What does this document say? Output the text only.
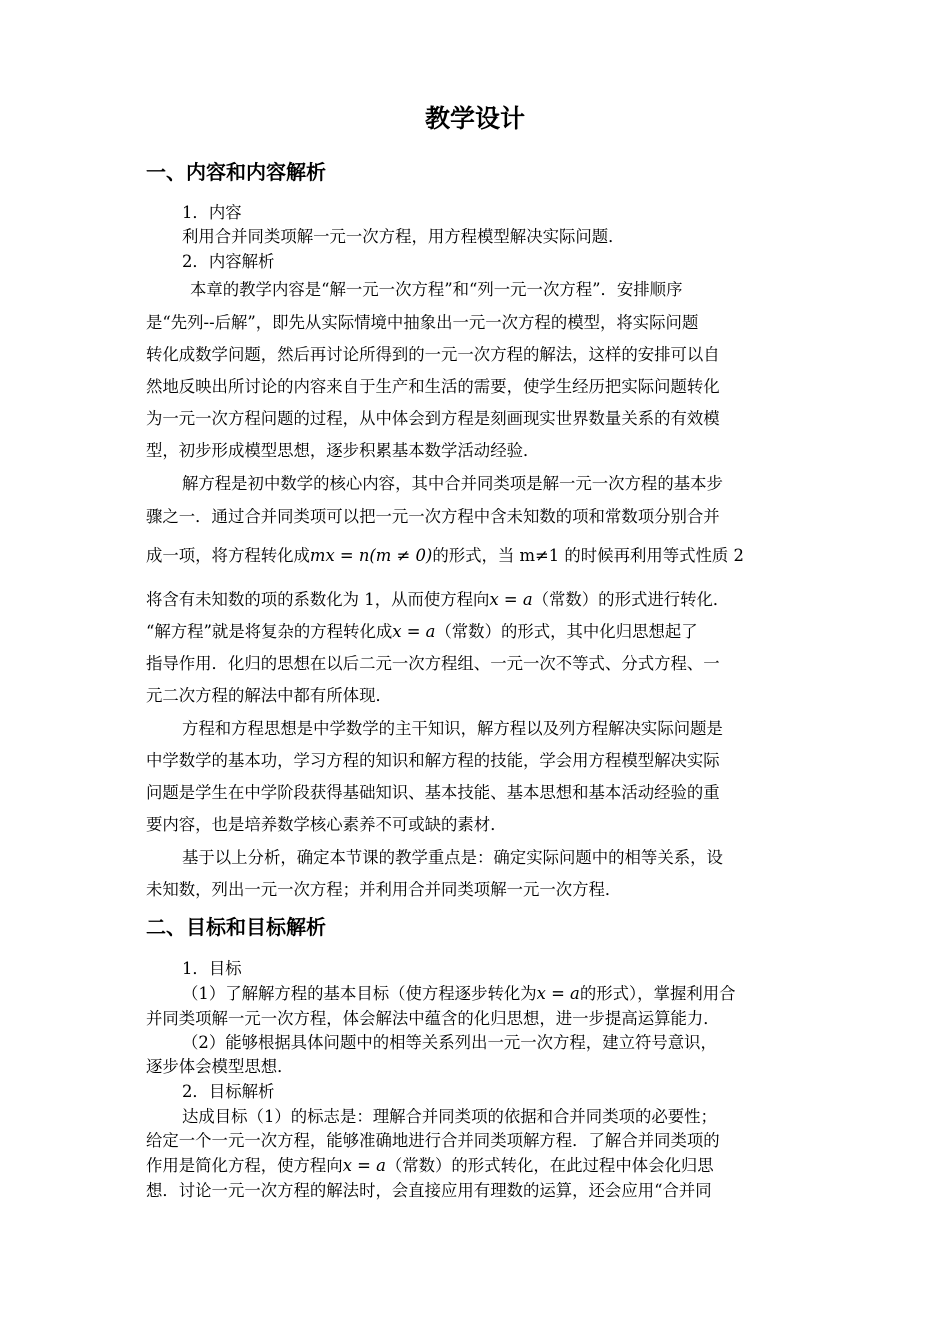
教学设计
一、内容和内容解析
1．内容
利用合并同类项解一元一次方程，用方程模型解决实际问题．
2．内容解析
本章的教学内容是“解一元一次方程”和“列一元一次方程”．安排顺序
是“先列--后解”，即先从实际情境中抽象出一元一次方程的模型，将实际问题
转化成数学问题，然后再讨论所得到的一元一次方程的解法，这样的安排可以自
然地反映出所讨论的内容来自于生产和生活的需要，使学生经历把实际问题转化
为一元一次方程问题的过程，从中体会到方程是刻画现实世界数量关系的有效模
型，初步形成模型思想，逐步积累基本数学活动经验．
解方程是初中数学的核心内容，其中合并同类项是解一元一次方程的基本步
骤之一．通过合并同类项可以把一元一次方程中含未知数的项和常数项分别合并
成一项，将方程转化成mx = n(m ≠ 0)的形式，当 m≠1 的时候再利用等式性质 2
将含有未知数的项的系数化为 1，从而使方程向x = a（常数）的形式进行转化．
“解方程”就是将复杂的方程转化成x = a（常数）的形式，其中化归思想起了
指导作用．化归的思想在以后二元一次方程组、一元一次不等式、分式方程、一
元二次方程的解法中都有所体现．
方程和方程思想是中学数学的主干知识，解方程以及列方程解决实际问题是
中学数学的基本功，学习方程的知识和解方程的技能，学会用方程模型解决实际
问题是学生在中学阶段获得基础知识、基本技能、基本思想和基本活动经验的重
要内容，也是培养数学核心素养不可或缺的素材．
基于以上分析，确定本节课的教学重点是：确定实际问题中的相等关系，设
未知数，列出一元一次方程；并利用合并同类项解一元一次方程．
二、目标和目标解析
1．目标
（1）了解解方程的基本目标（使方程逐步转化为x = a的形式），掌握利用合
并同类项解一元一次方程，体会解法中蕴含的化归思想，进一步提高运算能力．
（2）能够根据具体问题中的相等关系列出一元一次方程，建立符号意识，
逐步体会模型思想．
2．目标解析
达成目标（1）的标志是：理解合并同类项的依据和合并同类项的必要性；
给定一个一元一次方程，能够准确地进行合并同类项解方程．了解合并同类项的
作用是简化方程，使方程向x = a（常数）的形式转化，在此过程中体会化归思
想．讨论一元一次方程的解法时，会直接应用有理数的运算，还会应用“合并同
